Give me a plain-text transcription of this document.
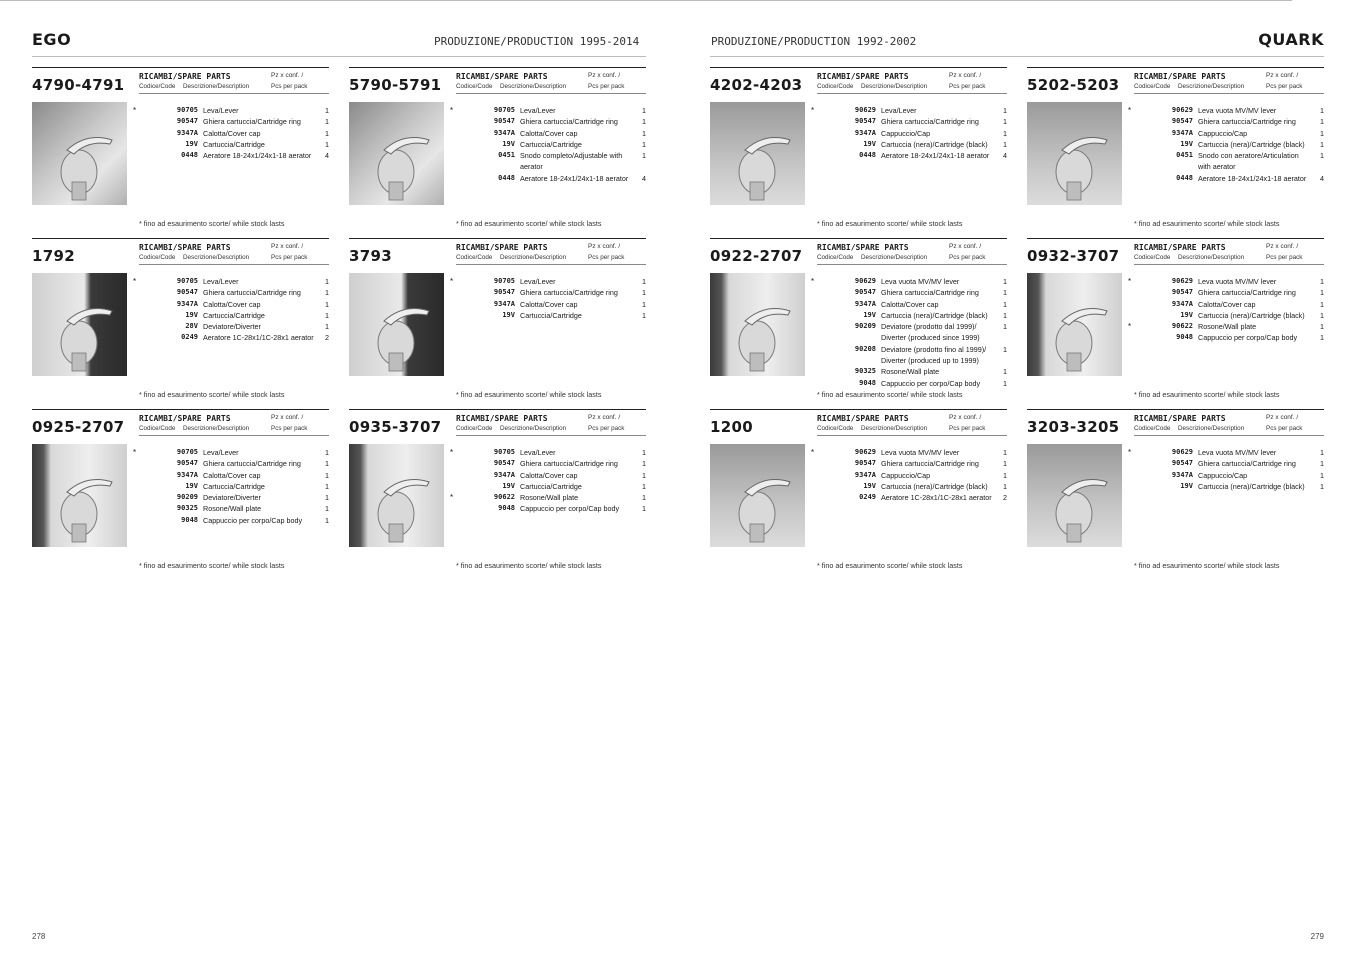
EGO	PRODUZIONE/PRODUCTION 1995-2014	PRODUZIONE/PRODUCTION 1992-2002	QUARK
4790-4791 RICAMBI/SPARE PARTS	Pz x conf. /
Codice/Code Descrizione/Description	Pcs per pack
*	90705 Leva/Lever	1
90547 Ghiera cartuccia/Cartridge ring	1
9347A Calotta/Cover cap	1
19V Cartuccia/Cartridge	1
0448 Aeratore 18-24x1/24x1-18 aerator	4
* fino ad esaurimento scorte/ while stock lasts
5790-5791 RICAMBI/SPARE PARTS	Pz x conf. /
Codice/Code Descrizione/Description	Pcs per pack
*	90705 Leva/Lever	1
90547 Ghiera cartuccia/Cartridge ring	1
9347A Calotta/Cover cap	1
19V Cartuccia/Cartridge	1
0451 Snodo completo/Adjustable with aerator
1
0448 Aeratore 18-24x1/24x1-18 aerator	4
* fino ad esaurimento scorte/ while stock lasts
4202-4203 RICAMBI/SPARE PARTS	Pz x conf. /
Codice/Code Descrizione/Description	Pcs per pack
*	90629 Leva/Lever	1
90547 Ghiera cartuccia/Cartridge ring	1
9347A Cappuccio/Cap	1
19V Cartuccia (nera)/Cartridge (black)	1
0448 Aeratore 18-24x1/24x1-18 aerator	4
* fino ad esaurimento scorte/ while stock lasts
5202-5203 RICAMBI/SPARE PARTS	Pz x conf. /
Codice/Code Descrizione/Description	Pcs per pack
*	90629 Leva vuota MV/MV lever	1
90547 Ghiera cartuccia/Cartridge ring	1
9347A Cappuccio/Cap	1
19V Cartuccia (nera)/Cartridge (black)	1
0451 Snodo con aeratore/Articulation with aerator
1
0448 Aeratore 18-24x1/24x1-18 aerator	4
* fino ad esaurimento scorte/ while stock lasts
1792	RICAMBI/SPARE PARTS	Pz x conf. /
Codice/Code Descrizione/Description	Pcs per pack
*	90705 Leva/Lever	1
90547 Ghiera cartuccia/Cartridge ring	1
9347A Calotta/Cover cap	1
19V Cartuccia/Cartridge	1
28V Deviatore/Diverter	1
0249 Aeratore 1C-28x1/1C-28x1 aerator 2
* fino ad esaurimento scorte/ while stock lasts
3793	RICAMBI/SPARE PARTS	Pz x conf. /
Codice/Code Descrizione/Description	Pcs per pack
*	90705 Leva/Lever	1
90547 Ghiera cartuccia/Cartridge ring	1
9347A Calotta/Cover cap	1
19V Cartuccia/Cartridge	1
* fino ad esaurimento scorte/ while stock lasts
0922-2707 RICAMBI/SPARE PARTS	Pz x conf. /
Codice/Code Descrizione/Description	Pcs per pack
*	90629 Leva vuota MV/MV lever	1
90547 Ghiera cartuccia/Cartridge ring	1
9347A Calotta/Cover cap	1
19V Cartuccia (nera)/Cartridge (black)	1
90209 Deviatore (prodotto dal 1999)/ Diverter (produced since 1999)
1
90208 Deviatore (prodotto fino al 1999)/ Diverter (produced up to 1999)
1
90325 Rosone/Wall plate	1
9048 Cappuccio per corpo/Cap body	1
* fino ad esaurimento scorte/ while stock lasts
0932-3707 RICAMBI/SPARE PARTS	Pz x conf. /
Codice/Code Descrizione/Description	Pcs per pack
*	90629 Leva vuota MV/MV lever	1
90547 Ghiera cartuccia/Cartridge ring	1
9347A Calotta/Cover cap	1
19V Cartuccia (nera)/Cartridge (black)	1
*	90622 Rosone/Wall plate	1
9048 Cappuccio per corpo/Cap body	1
* fino ad esaurimento scorte/ while stock lasts
0925-2707 RICAMBI/SPARE PARTS	Pz x conf. /
Codice/Code Descrizione/Description	Pcs per pack
*	90705 Leva/Lever	1
90547 Ghiera cartuccia/Cartridge ring	1
9347A Calotta/Cover cap	1
19V Cartuccia/Cartridge	1
90209 Deviatore/Diverter	1
90325 Rosone/Wall plate	1
9048 Cappuccio per corpo/Cap body	1
* fino ad esaurimento scorte/ while stock lasts
0935-3707 RICAMBI/SPARE PARTS	Pz x conf. /
Codice/Code Descrizione/Description	Pcs per pack
*	90705 Leva/Lever	1
90547 Ghiera cartuccia/Cartridge ring	1
9347A Calotta/Cover cap	1
19V Cartuccia/Cartridge	1
*	90622 Rosone/Wall plate	1
9048 Cappuccio per corpo/Cap body	1
* fino ad esaurimento scorte/ while stock lasts
1200	RICAMBI/SPARE PARTS	Pz x conf. /
Codice/Code Descrizione/Description	Pcs per pack
*	90629 Leva vuota MV/MV lever	1
90547 Ghiera cartuccia/Cartridge ring	1
9347A Cappuccio/Cap	1
19V Cartuccia (nera)/Cartridge (black)	1
0249 Aeratore 1C-28x1/1C-28x1 aerator 2
* fino ad esaurimento scorte/ while stock lasts
3203-3205 RICAMBI/SPARE PARTS	Pz x conf. /
Codice/Code Descrizione/Description	Pcs per pack
*	90629 Leva vuota MV/MV lever	1
90547 Ghiera cartuccia/Cartridge ring	1
9347A Cappuccio/Cap	1
19V Cartuccia (nera)/Cartridge (black)	1
* fino ad esaurimento scorte/ while stock lasts
278	279
